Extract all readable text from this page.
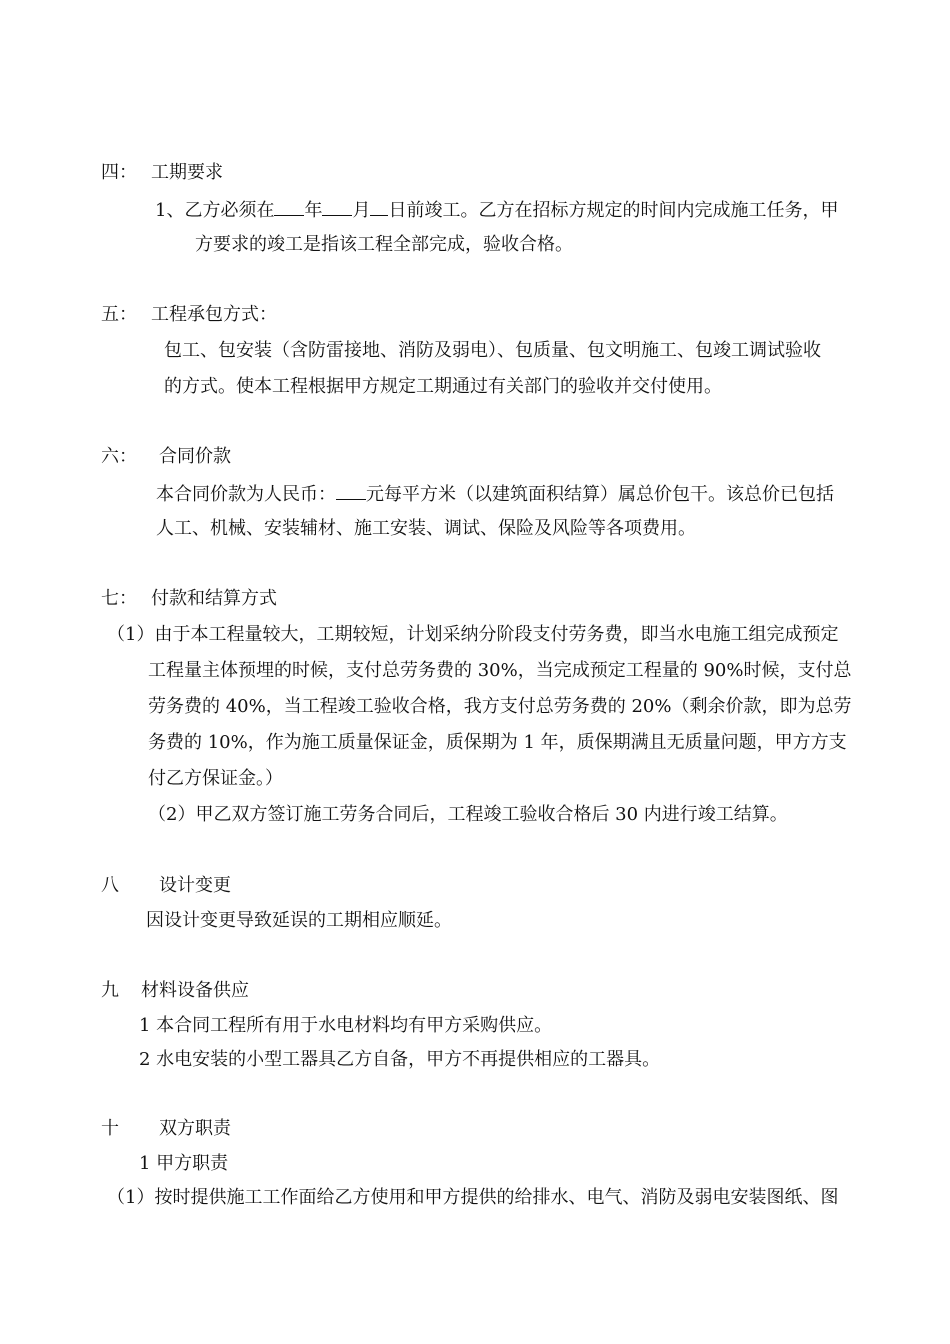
四： 工期要求
1、乙方必须在 年 月 日前竣工。乙方在招标方规定的时间内完成施工任务，甲
方要求的竣工是指该工程全部完成，验收合格。
五： 工程承包方式：
包工、包安装（含防雷接地、消防及弱电）、包质量、包文明施工、包竣工调试验收
的方式。使本工程根据甲方规定工期通过有关部门的验收并交付使用。
六： 合同价款
本合同价款为人民币： 元每平方米（以建筑面积结算）属总价包干。该总价已包括
人工、机械、安装辅材、施工安装、调试、保险及风险等各项费用。
七： 付款和结算方式
（1）由于本工程量较大，工期较短，计划采纳分阶段支付劳务费，即当水电施工组完成预定
工程量主体预埋的时候，支付总劳务费的 30%，当完成预定工程量的 90%时候，支付总
劳务费的 40%，当工程竣工验收合格，我方支付总劳务费的 20%（剩余价款，即为总劳
务费的 10%，作为施工质量保证金，质保期为 1 年，质保期满且无质量问题，甲方方支
付乙方保证金。）
（2）甲乙双方签订施工劳务合同后，工程竣工验收合格后 30 内进行竣工结算。
八 设计变更
因设计变更导致延误的工期相应顺延。
九 材料设备供应
1 本合同工程所有用于水电材料均有甲方采购供应。
2 水电安装的小型工器具乙方自备，甲方不再提供相应的工器具。
十 双方职责
1 甲方职责
（1）按时提供施工工作面给乙方使用和甲方提供的给排水、电气、消防及弱电安装图纸、图
